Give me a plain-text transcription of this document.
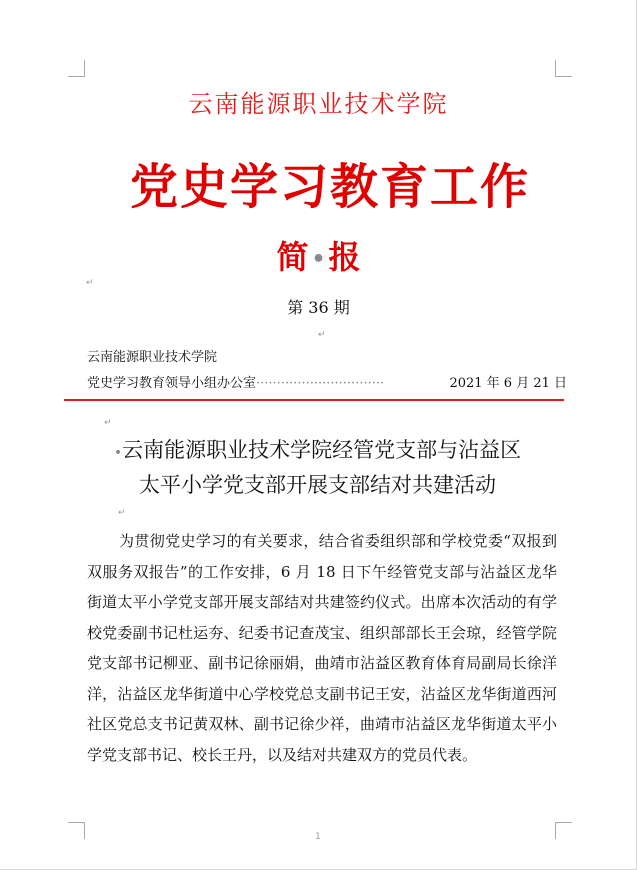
云南能源职业技术学院
党史学习教育工作
简 •报
↵
第 36 期
↵
云南能源职业技术学院
党史学习教育领导小组办公室·······························	2021 年 6 月 21 日
↵
•云南能源职业技术学院经管党支部与沾益区
太平小学党支部开展支部结对共建活动
↵
为贯彻党史学习的有关要求，结合省委组织部和学校党委“双报到双服务双报告”的工作安排，6 月 18 日下午经管党支部与沾益区龙华街道太平小学党支部开展支部结对共建签约仪式。出席本次活动的有学校党委副书记杜运夯、纪委书记查茂宝、组织部部长王会琼，经管学院党支部书记柳亚、副书记徐丽娟，曲靖市沾益区教育体育局副局长徐洋洋，沾益区龙华街道中心学校党总支副书记王安，沾益区龙华街道西河社区党总支书记黄双林、副书记徐少祥，曲靖市沾益区龙华街道太平小学党支部书记、校长王丹，以及结对共建双方的党员代表。
1
